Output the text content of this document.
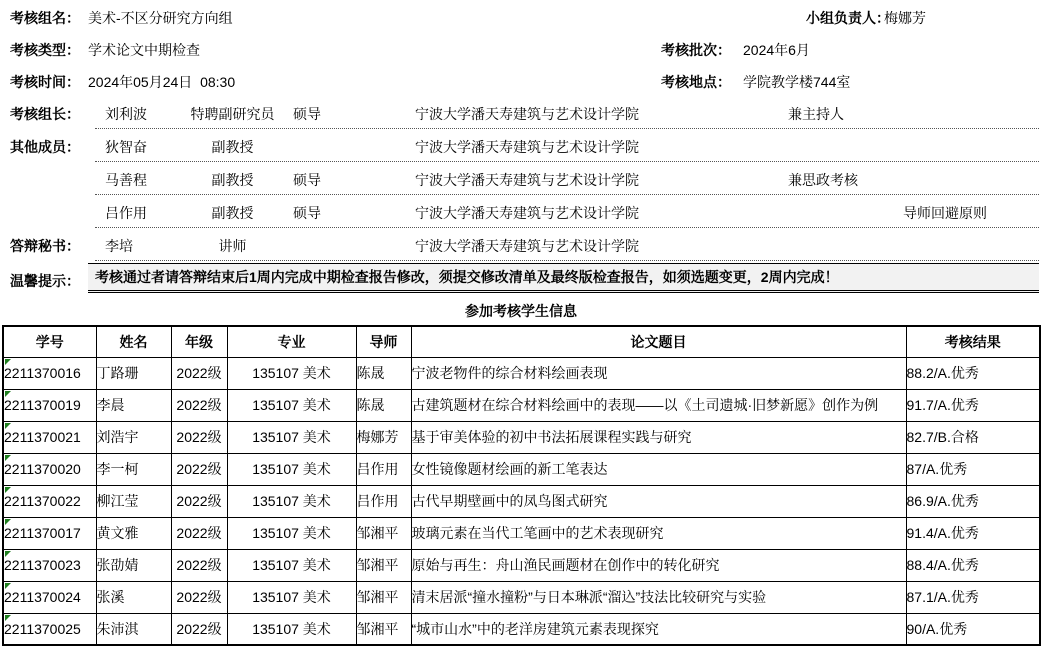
考核组名： 美术-不区分研究方向组	小组负责人：
梅娜芳
考核类型： 学术论文中期检查	考核批次： 2024年6月
考核时间： 2024年05月24日  08:30	考核地点： 学院教学楼744室
考核组长： 刘利波	特聘副研究员	硕导	宁波大学潘天寿建筑与艺术设计学院	兼主持人
其他成员： 狄智奋	副教授	宁波大学潘天寿建筑与艺术设计学院
马善程	副教授	硕导	宁波大学潘天寿建筑与艺术设计学院	兼思政考核
吕作用	副教授	硕导	宁波大学潘天寿建筑与艺术设计学院	导师回避原则
答辩秘书： 李培	讲师	宁波大学潘天寿建筑与艺术设计学院
温馨提示：	考核通过者请答辩结束后1周内完成中期检查报告修改，须提交修改清单及最终版检查报告，如须选题变更，2周内完成！
参加考核学生信息
学号	姓名	年级	专业	导师	论文题目	考核结果

2211370016	丁路珊	2022级	135107 美术	陈晟	宁波老物件的综合材料绘画表现	88.2/A.优秀

2211370019	李晨	2022级	135107 美术	陈晟	古建筑题材在综合材料绘画中的表现——以《土司遗城·旧梦新愿》创作为例	91.7/A.优秀

2211370021	刘浩宇	2022级	135107 美术	梅娜芳	基于审美体验的初中书法拓展课程实践与研究	82.7/B.合格

2211370020	李一柯	2022级	135107 美术	吕作用	女性镜像题材绘画的新工笔表达	87/A.优秀

2211370022	柳江莹	2022级	135107 美术	吕作用	古代早期壁画中的凤鸟图式研究	86.9/A.优秀

2211370017	黄文雅	2022级	135107 美术	邹湘平	玻璃元素在当代工笔画中的艺术表现研究	91.4/A.优秀

2211370023	张劭婧	2022级	135107 美术	邹湘平	原始与再生：舟山渔民画题材在创作中的转化研究	88.4/A.优秀

2211370024	张溪	2022级	135107 美术	邹湘平	清末居派“撞水撞粉”与日本琳派“溜込”技法比较研究与实验	87.1/A.优秀

2211370025	朱沛淇	2022级	135107 美术	邹湘平	“城市山水”中的老洋房建筑元素表现探究	90/A.优秀
